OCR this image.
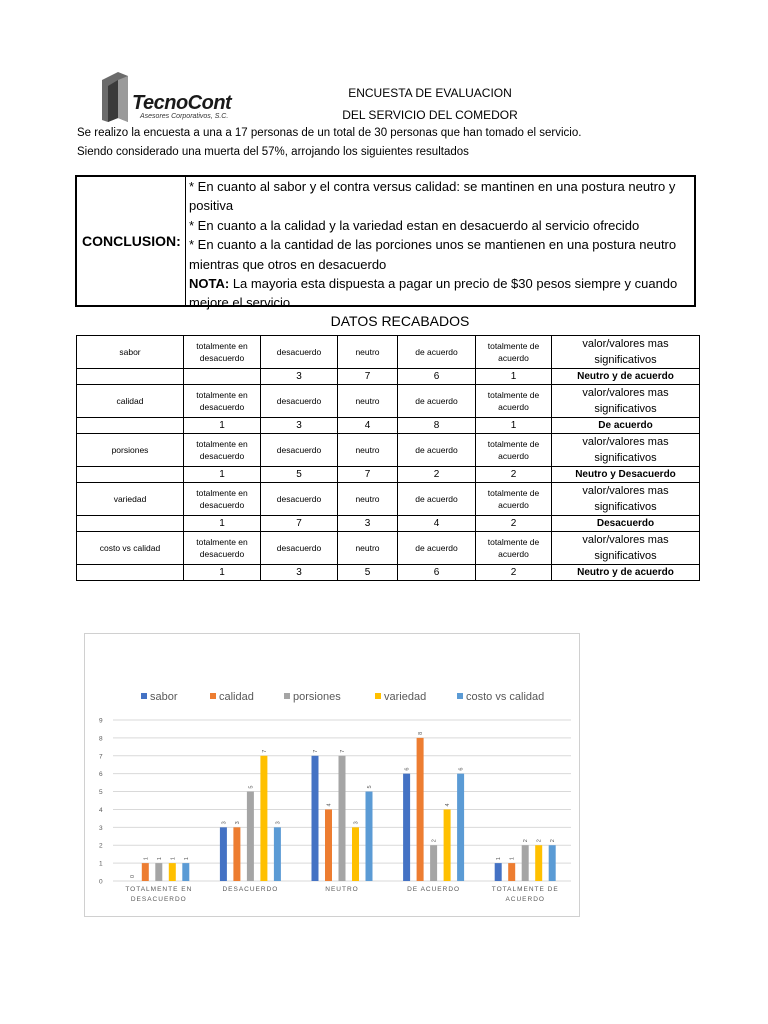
TecnoCont
Asesores Corporativos, S.C.
ENCUESTA DE EVALUACION
DEL SERVICIO DEL COMEDOR
Se realizo la encuesta a una a 17 personas de un total de 30 personas que han tomado el servicio.
Siendo considerado una muerta del 57%, arrojando los siguientes resultados
CONCLUSION:

* En cuanto al sabor y el contra versus calidad: se mantinen en una postura neutro y positiva

* En cuanto a la calidad y la variedad estan en desacuerdo al servicio ofrecido

* En cuanto a la cantidad de las porciones unos se mantienen en una postura neutro mientras que otros en desacuerdo

NOTA: La mayoria esta dispuesta a pagar un precio de $30 pesos siempre y cuando mejore el servicio

DATOS RECABADOS
sabor	totalmente en desacuerdo	desacuerdo	neutro	de acuerdo	totalmente de acuerdo	valor/valores mas significativos
		3	7	6	1	Neutro y de acuerdo
calidad	totalmente en desacuerdo	desacuerdo	neutro	de acuerdo	totalmente de acuerdo	valor/valores mas significativos
	1	3	4	8	1	De acuerdo
porsiones	totalmente en desacuerdo	desacuerdo	neutro	de acuerdo	totalmente de acuerdo	valor/valores mas significativos
	1	5	7	2	2	Neutro y Desacuerdo
variedad	totalmente en desacuerdo	desacuerdo	neutro	de acuerdo	totalmente de acuerdo	valor/valores mas significativos
	1	7	3	4	2	Desacuerdo
costo vs calidad	totalmente en desacuerdo	desacuerdo	neutro	de acuerdo	totalmente de acuerdo	valor/valores mas significativos
	1	3	5	6	2	Neutro y de acuerdo
0
1
2
3
4
5
6
7
8
9
sabor	calidad	porsiones	variedad	costo vs calidad
0
1 1 1 1
TOTALMENTE EN
DESACUERDO
3 3
5
7
3
DESACUERDO
7
4
7
3
5
NEUTRO
6
8
2
4
6
DE ACUERDO
1 1
2 2 2
TOTALMENTE DE
ACUERDO
